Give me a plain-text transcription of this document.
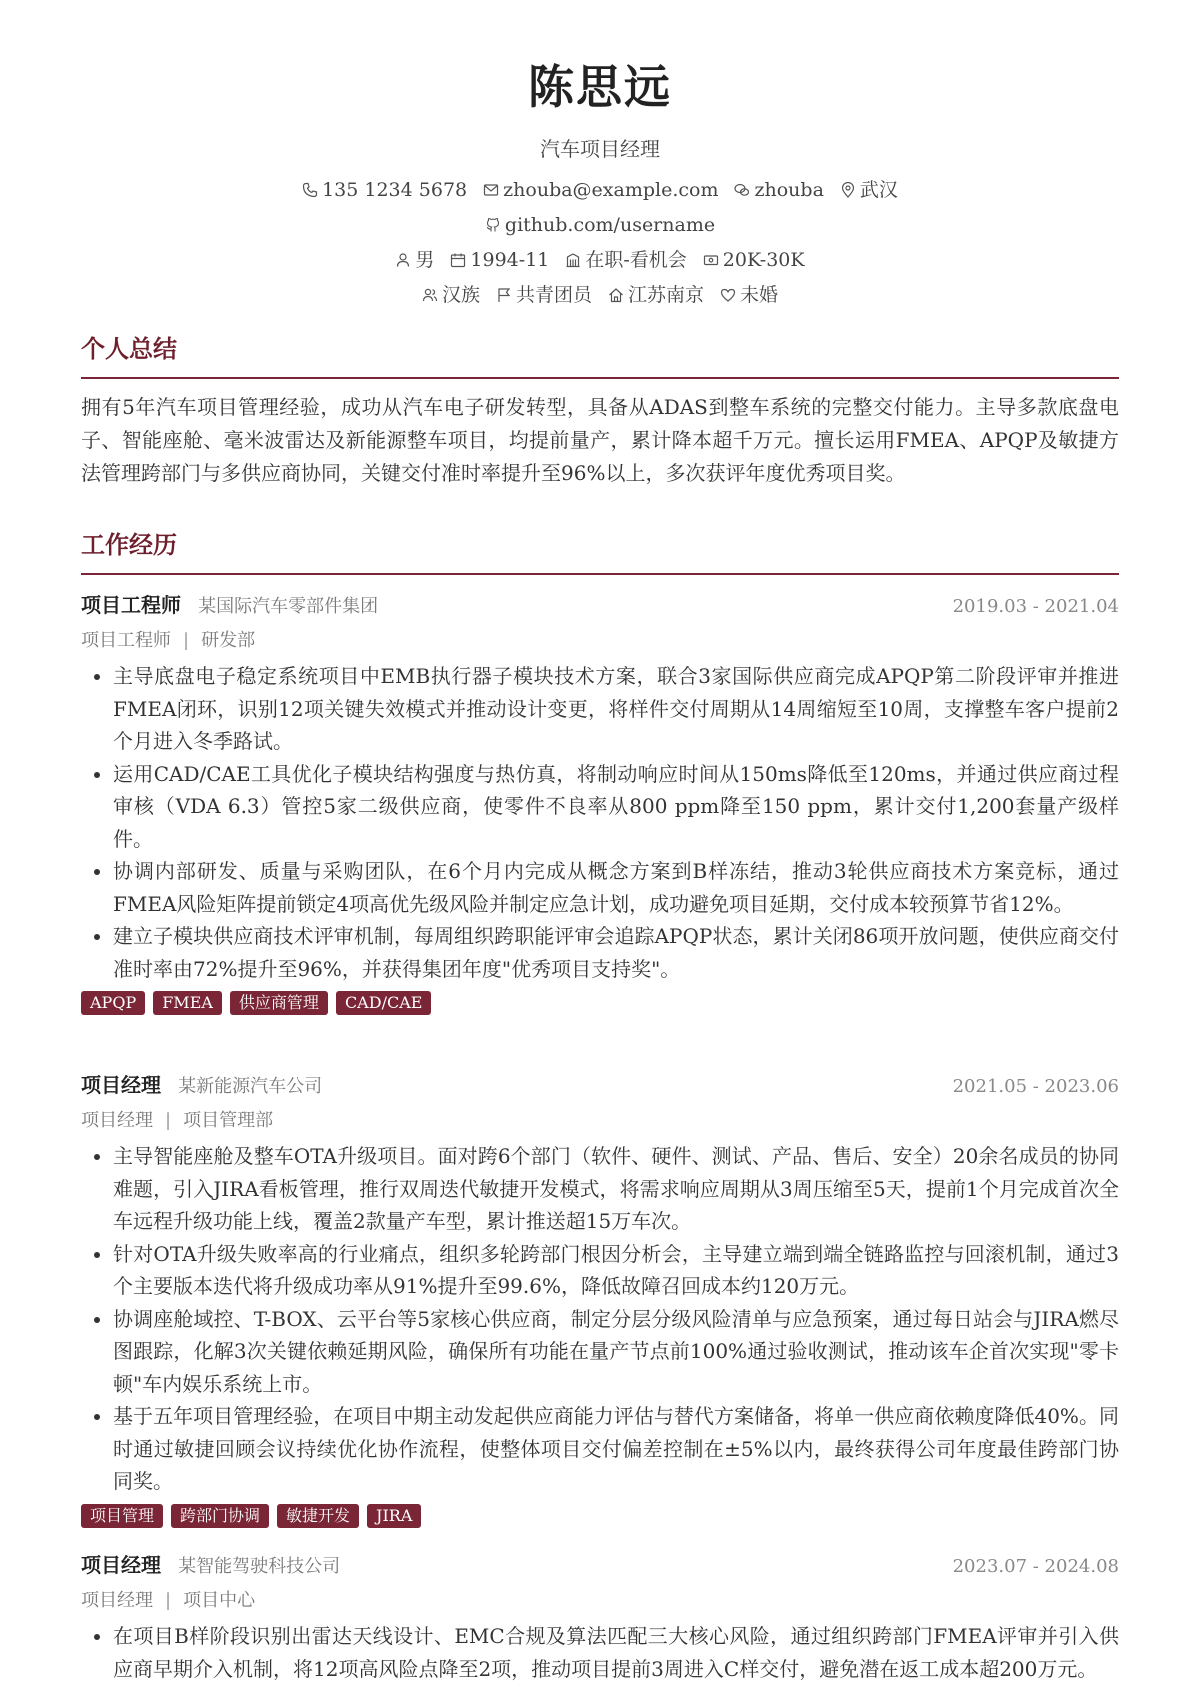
陈思远
汽车项目经理
135 1234 5678 zhouba@example.com zhouba 武汉
github.com/username
男 1994-11 在职-看机会 20K-30K
汉族 共青团员 江苏南京 未婚
个人总结
拥有5年汽车项目管理经验，成功从汽车电子研发转型，具备从ADAS到整车系统的完整交付能力。主导多款底盘电子、智能座舱、毫米波雷达及新能源整车项目，均提前量产，累计降本超千万元。擅长运用FMEA、APQP及敏捷方法管理跨部门与多供应商协同，关键交付准时率提升至96%以上，多次获评年度优秀项目奖。
工作经历
项目工程师 某国际汽车零部件集团	2019.03 - 2021.04
项目工程师 | 研发部
• 主导底盘电子稳定系统项目中EMB执行器子模块技术方案，联合3家国际供应商完成APQP第二阶段评审并推进FMEA闭环，识别12项关键失效模式并推动设计变更，将样件交付周期从14周缩短至10周，支撑整车客户提前2个月进入冬季路试。
• 运用CAD/CAE工具优化子模块结构强度与热仿真，将制动响应时间从150ms降低至120ms，并通过供应商过程审核（VDA 6.3）管控5家二级供应商，使零件不良率从800 ppm降至150 ppm，累计交付1,200套量产级样件。
• 协调内部研发、质量与采购团队，在6个月内完成从概念方案到B样冻结，推动3轮供应商技术方案竞标，通过FMEA风险矩阵提前锁定4项高优先级风险并制定应急计划，成功避免项目延期，交付成本较预算节省12%。
• 建立子模块供应商技术评审机制，每周组织跨职能评审会追踪APQP状态，累计关闭86项开放问题，使供应商交付准时率由72%提升至96%，并获得集团年度"优秀项目支持奖"。
APQP	FMEA	供应商管理	CAD/CAE
项目经理 某新能源汽车公司	2021.05 - 2023.06
项目经理 | 项目管理部
• 主导智能座舱及整车OTA升级项目。面对跨6个部门（软件、硬件、测试、产品、售后、安全）20余名成员的协同难题，引入JIRA看板管理，推行双周迭代敏捷开发模式，将需求响应周期从3周压缩至5天，提前1个月完成首次全车远程升级功能上线，覆盖2款量产车型，累计推送超15万车次。
• 针对OTA升级失败率高的行业痛点，组织多轮跨部门根因分析会，主导建立端到端全链路监控与回滚机制，通过3个主要版本迭代将升级成功率从91%提升至99.6%，降低故障召回成本约120万元。
• 协调座舱域控、T-BOX、云平台等5家核心供应商，制定分层分级风险清单与应急预案，通过每日站会与JIRA燃尽图跟踪，化解3次关键依赖延期风险，确保所有功能在量产节点前100%通过验收测试，推动该车企首次实现"零卡顿"车内娱乐系统上市。
• 基于五年项目管理经验，在项目中期主动发起供应商能力评估与替代方案储备，将单一供应商依赖度降低40%。同时通过敏捷回顾会议持续优化协作流程，使整体项目交付偏差控制在±5%以内，最终获得公司年度最佳跨部门协同奖。
项目管理	跨部门协调	敏捷开发	JIRA
项目经理 某智能驾驶科技公司	2023.07 - 2024.08
项目经理 | 项目中心
• 在项目B样阶段识别出雷达天线设计、EMC合规及算法匹配三大核心风险，通过组织跨部门FMEA评审并引入供应商早期介入机制，将12项高风险点降至2项，推动项目提前3周进入C样交付，避免潜在返工成本超200万元。
